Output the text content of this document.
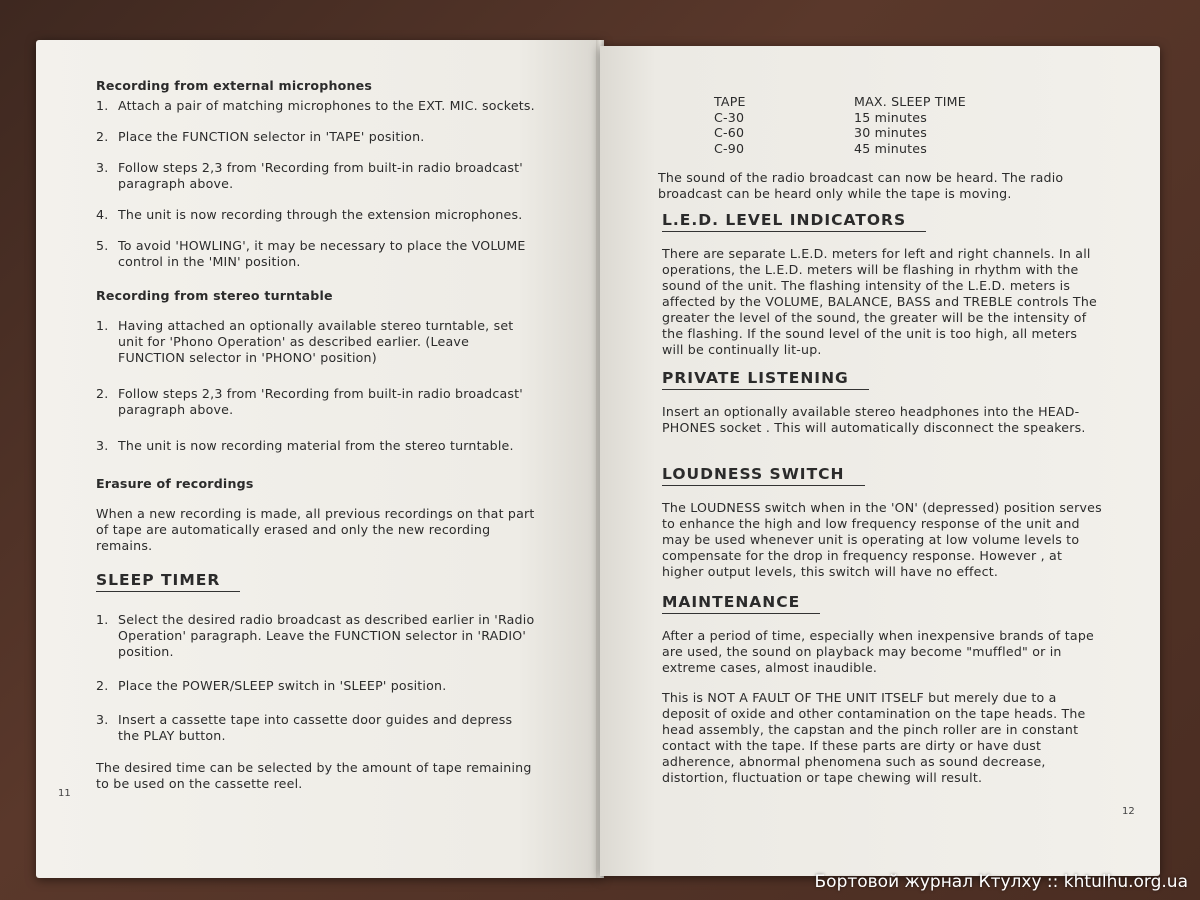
Recording from external microphones
1. Attach a pair of matching microphones to the EXT. MIC. sockets.
2. Place the FUNCTION selector in 'TAPE' position.
3. Follow steps 2,3 from 'Recording from built-in radio broadcast' paragraph above.
4. The unit is now recording through the extension microphones.
5. To avoid 'HOWLING', it may be necessary to place the VOLUME control in the 'MIN' position.
Recording from stereo turntable
1. Having attached an optionally available stereo turntable, set unit for 'Phono Operation' as described earlier. (Leave FUNCTION selector in 'PHONO' position)
2. Follow steps 2,3 from 'Recording from built-in radio broadcast' paragraph above.
3. The unit is now recording material from the stereo turntable.
Erasure of recordings

When a new recording is made, all previous recordings on that part of tape are automatically erased and only the new recording remains.

SLEEP TIMER
1. Select the desired radio broadcast as described earlier in 'Radio Operation' paragraph. Leave the FUNCTION selector in 'RADIO' position.
2. Place the POWER/SLEEP switch in 'SLEEP' position.
3. Insert a cassette tape into cassette door guides and depress the PLAY button.

The desired time can be selected by the amount of tape remaining to be used on the cassette reel.

11
TAPE	MAX. SLEEP TIME
C-30	15 minutes
C-60	30 minutes
C-90	45 minutes

The sound of the radio broadcast can now be heard. The radio broadcast can be heard only while the tape is moving.

L.E.D. LEVEL INDICATORS

There are separate L.E.D. meters for left and right channels. In all operations, the L.E.D. meters will be flashing in rhythm with the sound of the unit. The flashing intensity of the L.E.D. meters is affected by the VOLUME, BALANCE, BASS and TREBLE controls The greater the level of the sound, the greater will be the intensity of the flashing. If the sound level of the unit is too high, all meters will be continually lit-up.

PRIVATE LISTENING

Insert an optionally available stereo headphones into the HEAD-PHONES socket . This will automatically disconnect the speakers.

LOUDNESS SWITCH

The LOUDNESS switch when in the 'ON' (depressed) position serves to enhance the high and low frequency response of the unit and may be used whenever unit is operating at low volume levels to compensate for the drop in frequency response. However , at higher output levels, this switch will have no effect.

MAINTENANCE

After a period of time, especially when inexpensive brands of tape are used, the sound on playback may become "muffled" or in extreme cases, almost inaudible.

This is NOT A FAULT OF THE UNIT ITSELF but merely due to a deposit of oxide and other contamination on the tape heads. The head assembly, the capstan and the pinch roller are in constant contact with the tape. If these parts are dirty or have dust adherence, abnormal phenomena such as sound decrease, distortion, fluctuation or tape chewing will result.

12
Бортовой журнал Ктулху :: khtulhu.org.ua
